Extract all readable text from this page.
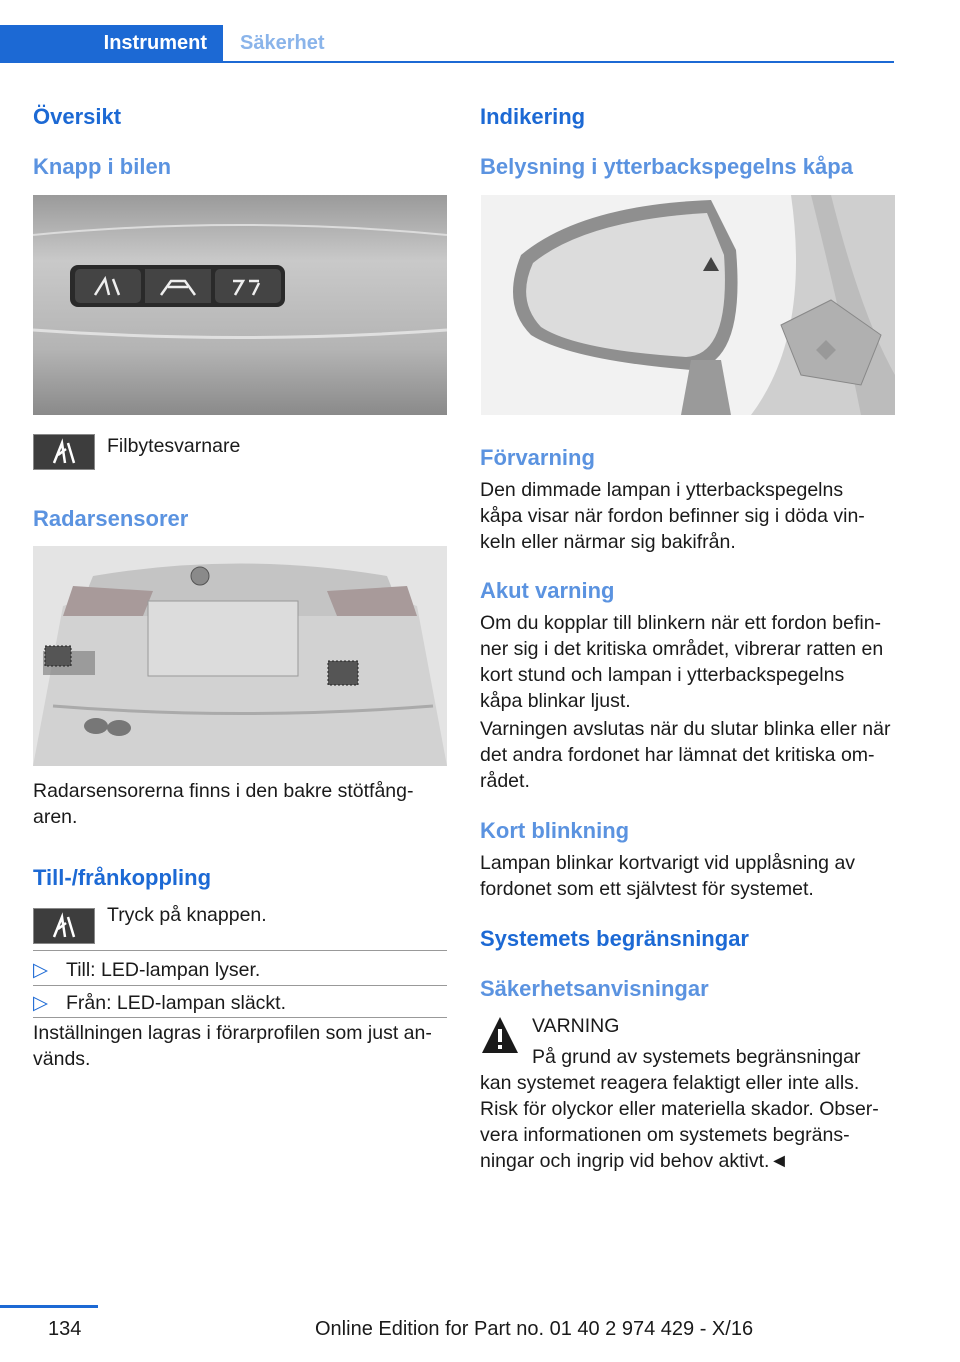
Instrument	Säkerhet
Översikt
Knapp i bilen

Filbytesvarnare

Radarsensorer

Radarsensorerna finns i den bakre stötfång-
aren.

Till-/frånkoppling

Tryck på knappen.

▷ Till: LED-lampan lyser.

▷ Från: LED-lampan släckt.

Inställningen lagras i förarprofilen som just an-
vänds.

Indikering
Belysning i ytterbackspegelns kåpa
Förvarning

Den dimmade lampan i ytterbackspegelns
kåpa visar när fordon befinner sig i döda vin-
keln eller närmar sig bakifrån.

Akut varning

Om du kopplar till blinkern när ett fordon befin-
ner sig i det kritiska området, vibrerar ratten en
kort stund och lampan i ytterbackspegelns
kåpa blinkar ljust.

Varningen avslutas när du slutar blinka eller när
det andra fordonet har lämnat det kritiska om-
rådet.

Kort blinkning

Lampan blinkar kortvarigt vid upplåsning av
fordonet som ett självtest för systemet.

Systemets begränsningar
Säkerhetsanvisningar

VARNING

På grund av systemets begränsningar

kan systemet reagera felaktigt eller inte alls.
Risk för olyckor eller materiella skador. Obser-
vera informationen om systemets begräns-
ningar och ingrip vid behov aktivt.◄

134	Online Edition for Part no. 01 40 2 974 429 - X/16
